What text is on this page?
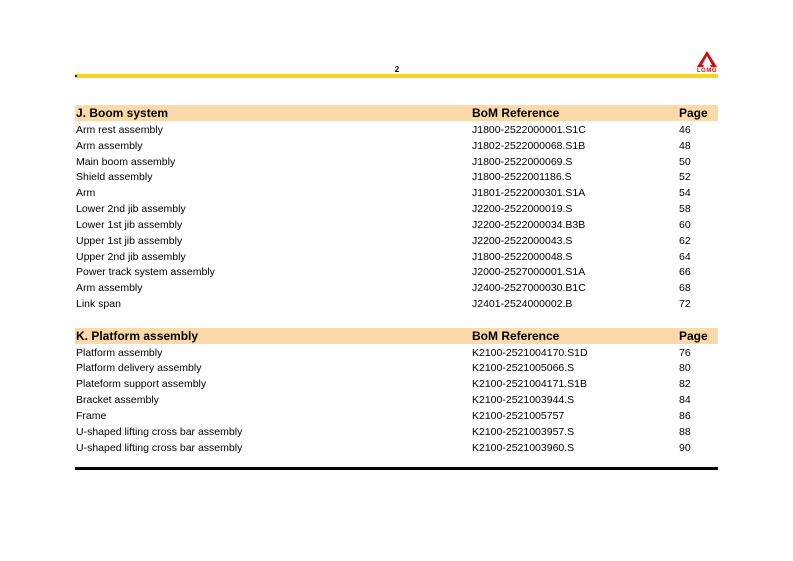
2	LGMG
J. Boom system	BoM Reference	Page
Arm rest assembly	J1800-2522000001.S1C	46
Arm assembly	J1802-2522000068.S1B	48
Main boom assembly	J1800-2522000069.S	50
Shield assembly	J1800-2522001186.S	52
Arm	J1801-2522000301.S1A	54
Lower 2nd jib assembly	J2200-2522000019.S	58
Lower 1st jib assembly	J2200-2522000034.B3B	60
Upper 1st jib assembly	J2200-2522000043.S	62
Upper 2nd jib assembly	J1800-2522000048.S	64
Power track system assembly	J2000-2527000001.S1A	66
Arm assembly	J2400-2527000030.B1C	68
Link span	J2401-2524000002.B	72
K. Platform assembly	BoM Reference	Page
Platform assembly	K2100-2521004170.S1D	76
Platform delivery assembly	K2100-2521005066.S	80
Plateform support assembly	K2100-2521004171.S1B	82
Bracket assembly	K2100-2521003944.S	84
Frame	K2100-2521005757	86
U-shaped lifting cross bar assembly	K2100-2521003957.S	88
U-shaped lifting cross bar assembly	K2100-2521003960.S	90
